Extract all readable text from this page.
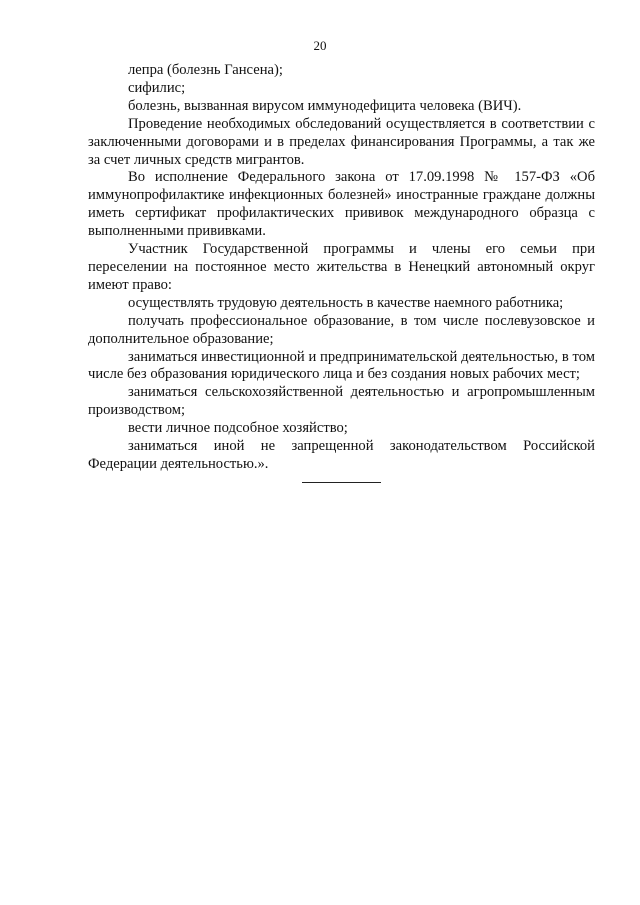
20

лепра (болезнь Гансена);

сифилис;

болезнь, вызванная вирусом иммунодефицита человека (ВИЧ).

Проведение необходимых обследований осуществляется в соответствии с заключенными договорами и в пределах финансирования Программы, а так же за счет личных средств мигрантов.

Во исполнение Федерального закона от 17.09.1998 № 157-ФЗ «Об иммунопрофилактике инфекционных болезней» иностранные граждане должны иметь сертификат профилактических прививок международного образца с выполненными прививками.

Участник Государственной программы и члены его семьи при переселении на постоянное место жительства в Ненецкий автономный округ имеют право:

осуществлять трудовую деятельность в качестве наемного работника;

получать профессиональное образование, в том числе послевузовское и дополнительное образование;

заниматься инвестиционной и предпринимательской деятельностью, в том числе без образования юридического лица и без создания новых рабочих мест;

заниматься сельскохозяйственной деятельностью и агропромышленным производством;

вести личное подсобное хозяйство;

заниматься иной не запрещенной законодательством Российской Федерации деятельностью.».
